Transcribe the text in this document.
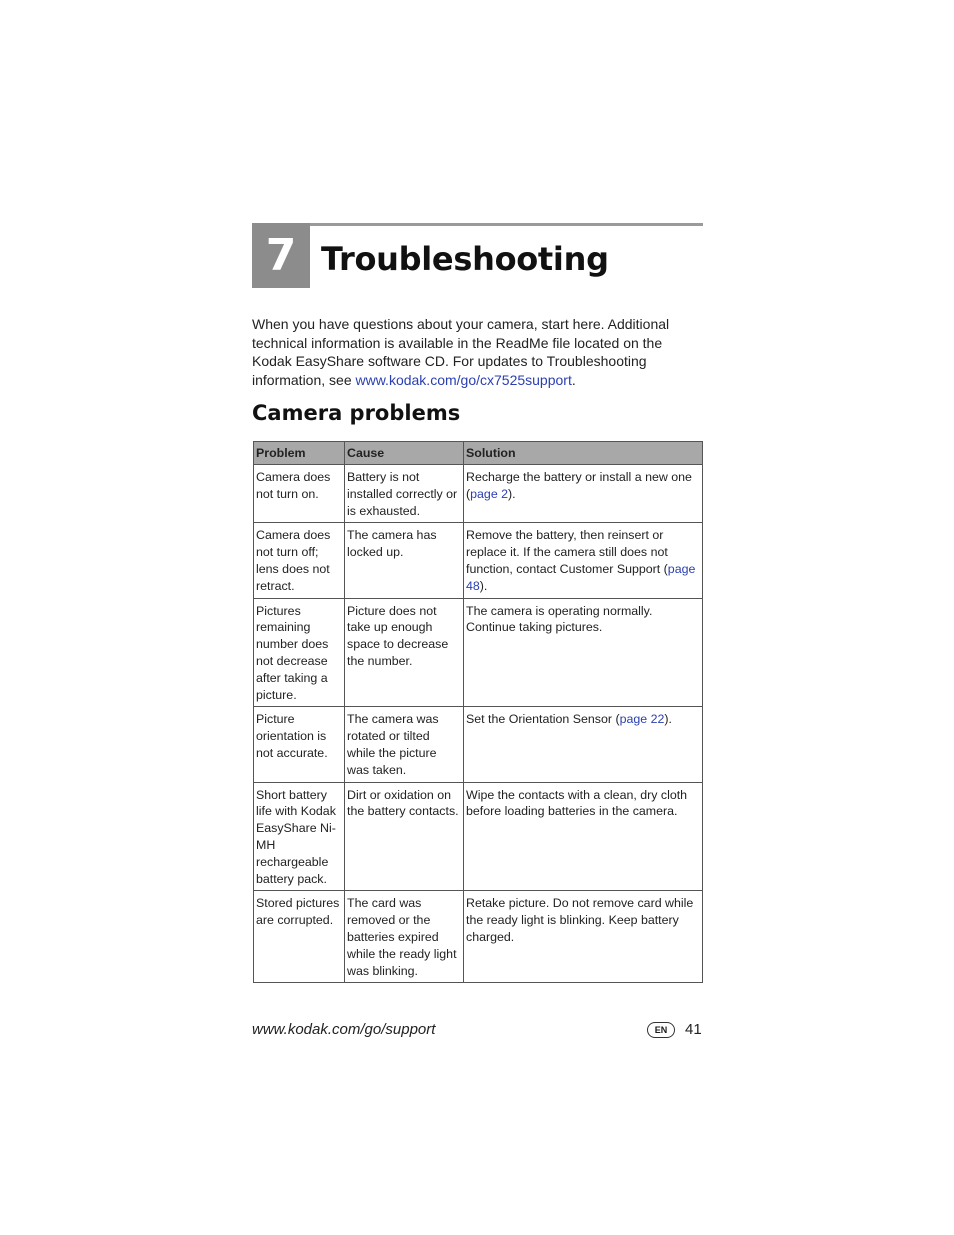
7 Troubleshooting

When you have questions about your camera, start here. Additional technical information is available in the ReadMe file located on the Kodak EasyShare software CD. For updates to Troubleshooting information, see www.kodak.com/go/cx7525support.

Camera problems
Problem	Cause	Solution
Camera does not turn on.	Battery is not installed correctly or is exhausted.	Recharge the battery or install a new one (page 2).
Camera does not turn off; lens does not retract.	The camera has locked up.	Remove the battery, then reinsert or replace it. If the camera still does not function, contact Customer Support (page 48).
Pictures remaining number does not decrease after taking a picture.	Picture does not take up enough space to decrease the number.	The camera is operating normally. Continue taking pictures.
Picture orientation is not accurate.	The camera was rotated or tilted while the picture was taken.	Set the Orientation Sensor (page 22).
Short battery life with Kodak EasyShare Ni-MH rechargeable battery pack.	Dirt or oxidation on the battery contacts.	Wipe the contacts with a clean, dry cloth before loading batteries in the camera.
Stored pictures are corrupted.	The card was removed or the batteries expired while the ready light was blinking.	Retake picture. Do not remove card while the ready light is blinking. Keep battery charged.
www.kodak.com/go/support	EN	41
